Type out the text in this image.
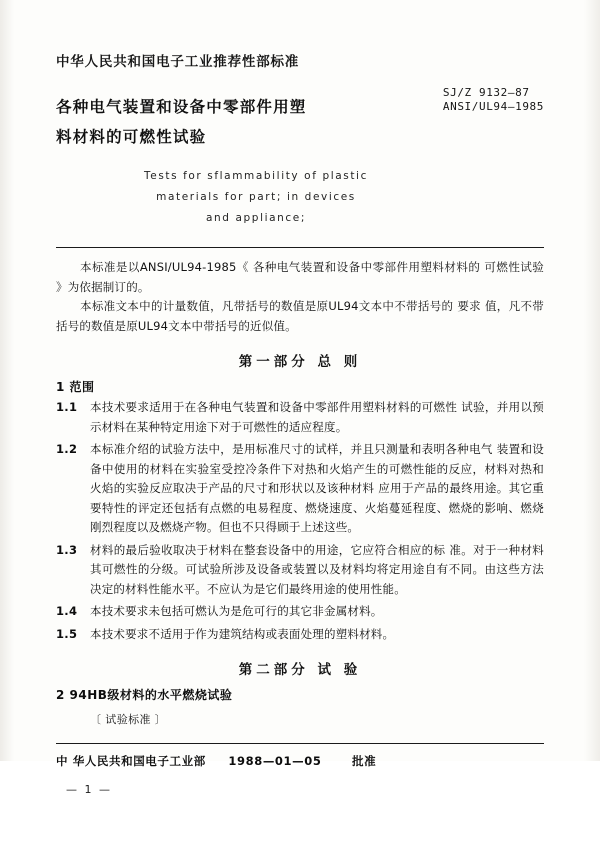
中华人民共和国电子工业推荐性部标准
SJ/Z 9132—87
ANSI/UL94—1985
各种电气装置和设备中零部件用塑
料材料的可燃性试验
Tests for sflammability of plastic
materials for part; in devices
and appliance;
本标准是以ANSI/UL94-1985《 各种电气装置和设备中零部件用塑料材料的 可燃性试验 》为依据制订的。
本标准文本中的计量数值，凡带括号的数值是原UL94文本中不带括号的 要求 值，凡不带括号的数值是原UL94文本中带括号的近似值。
第一部分 总 则
1 范围
1.1	本技术要求适用于在各种电气装置和设备中零部件用塑料材料的可燃性 试验，并用以预示材料在某种特定用途下对于可燃性的适应程度。
1.2	本标准介绍的试验方法中，是用标准尺寸的试样，并且只测量和表明各种电气 装置和设备中使用的材料在实验室受控冷条件下对热和火焰产生的可燃性能的反应，材料对热和火焰的实验反应取决于产品的尺寸和形状以及该种材料 应用于产品的最终用途。其它重要特性的评定还包括有点燃的电易程度、燃烧速度、火焰蔓延程度、燃烧的影响、燃烧刚烈程度以及燃烧产物。但也不只得顾于上述这些。
1.3	材料的最后验收取决于材料在整套设备中的用途，它应符合相应的标 准。对于一种材料其可燃性的分级。可试验所涉及设备或装置以及材料均将定用途自有不同。由这些方法决定的材料性能水平。不应认为是它们最终用途的使用性能。
1.4	本技术要求未包括可燃认为是危可行的其它非金属材料。
1.5	本技术要求不适用于作为建筑结构或表面处理的塑料材料。
第二部分 试 验
2 94HB级材料的水平燃烧试验
〔 试验标准 〕
中 华人民共和国电子工业部 1988—01—05	批准
— 1 —
